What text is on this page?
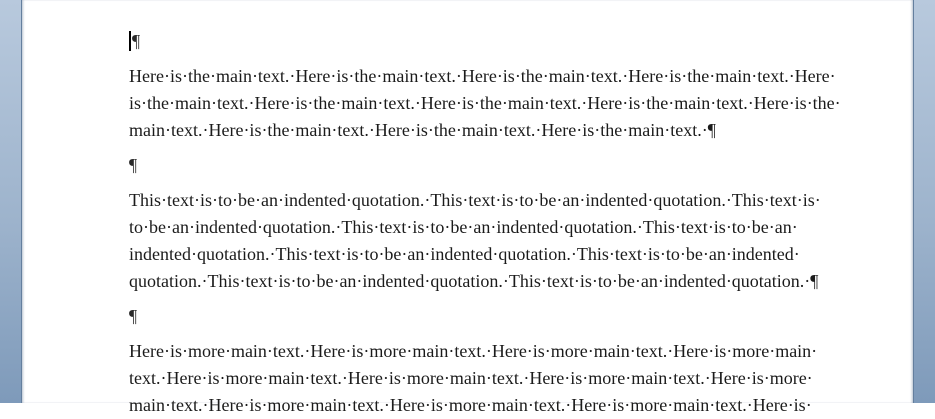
¶
Here·is·the·main·text.·Here·is·the·main·text.·Here·is·the·main·text.·Here·is·the·main·text.·Here·
is·the·main·text.·Here·is·the·main·text.·Here·is·the·main·text.·Here·is·the·main·text.·Here·is·the·
main·text.·Here·is·the·main·text.·Here·is·the·main·text.·Here·is·the·main·text.·¶
¶
This·text·is·to·be·an·indented·quotation.·This·text·is·to·be·an·indented·quotation.·This·text·is·
to·be·an·indented·quotation.·This·text·is·to·be·an·indented·quotation.·This·text·is·to·be·an·
indented·quotation.·This·text·is·to·be·an·indented·quotation.·This·text·is·to·be·an·indented·
quotation.·This·text·is·to·be·an·indented·quotation.·This·text·is·to·be·an·indented·quotation.·¶
¶
Here·is·more·main·text.·Here·is·more·main·text.·Here·is·more·main·text.·Here·is·more·main·
text.·Here·is·more·main·text.·Here·is·more·main·text.·Here·is·more·main·text.·Here·is·more·
main·text.·Here·is·more·main·text.·Here·is·more·main·text.·Here·is·more·main·text.·Here·is·
